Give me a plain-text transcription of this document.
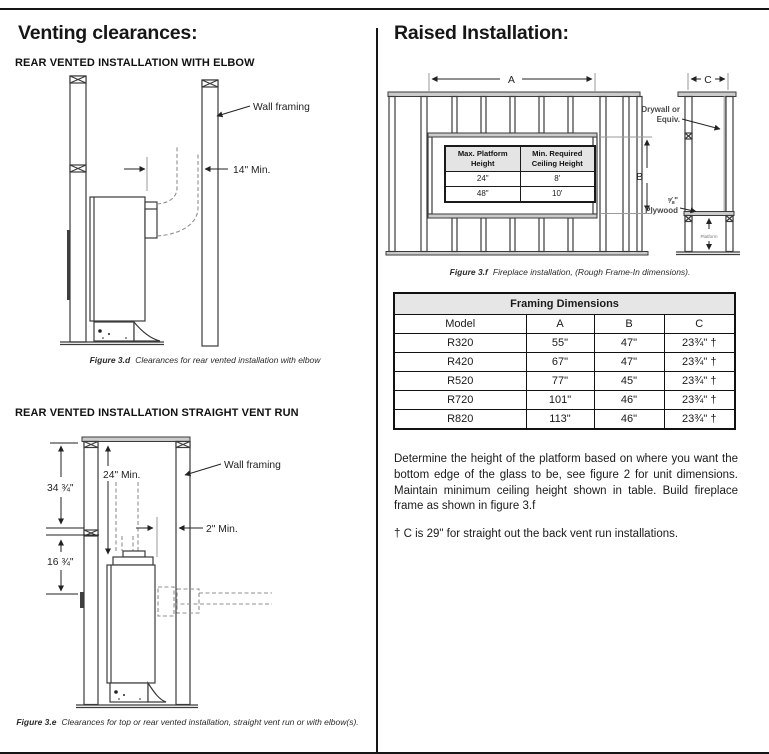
Venting clearances:
REAR VENTED INSTALLATION WITH ELBOW
14" Min.
Wall framing
Figure 3.d Clearances for rear vented installation with elbow
REAR VENTED INSTALLATION STRAIGHT VENT RUN
34 ¾"
16 ¾"
24" Min.
2" Min.
Wall framing
Figure 3.e Clearances for top or rear vented installation, straight vent run or with elbow(s).
Raised Installation:
A
B
C
Platform
Drywall or
Equiv.
⅝"
Plywood
Max. Platform Height	Min. Required Ceiling Height
24"	8'
48"	10'
Figure 3.f Fireplace installation, (Rough Frame-In dimensions).
Framing Dimensions			
Model	A	B	C
R320	55"	47"	23¾" †
R420	67"	47"	23¾" †
R520	77"	45"	23¾" †
R720	101"	46"	23¾" †
R820	113"	46"	23¾" †
Determine the height of the platform based on where you want the bottom edge of the glass to be, see figure 2 for unit dimensions. Maintain minimum ceiling height shown in table. Build fireplace frame as shown in figure 3.f
† C is 29" for straight out the back vent run installations.
